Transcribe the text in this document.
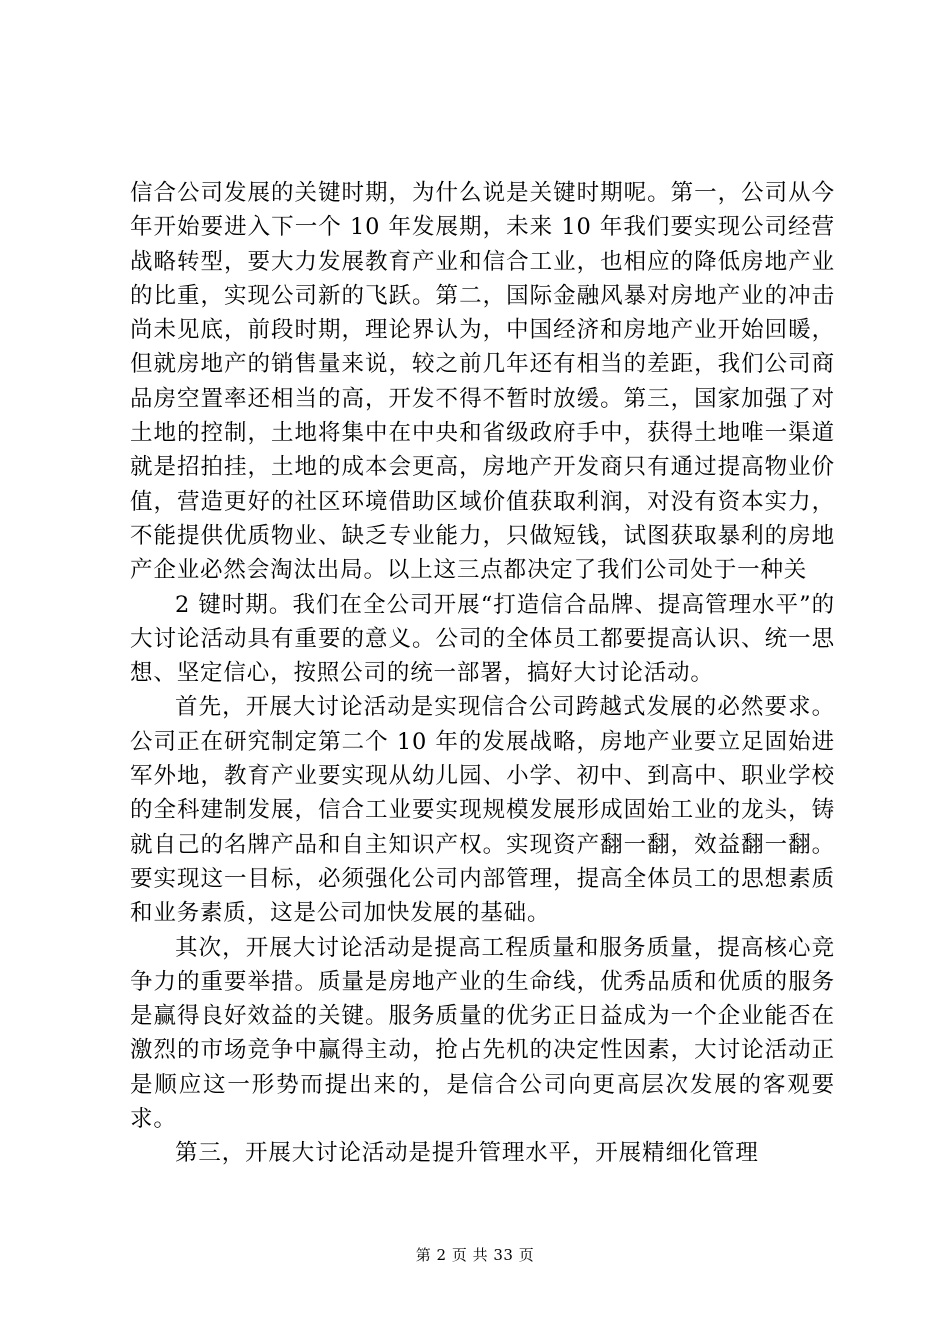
信合公司发展的关键时期，为什么说是关键时期呢。第一，公司从今年开始要进入下一个 10 年发展期，未来 10 年我们要实现公司经营战略转型，要大力发展教育产业和信合工业，也相应的降低房地产业的比重，实现公司新的飞跃。第二，国际金融风暴对房地产业的冲击尚未见底，前段时期，理论界认为，中国经济和房地产业开始回暖，但就房地产的销售量来说，较之前几年还有相当的差距，我们公司商品房空置率还相当的高，开发不得不暂时放缓。第三，国家加强了对土地的控制，土地将集中在中央和省级政府手中，获得土地唯一渠道就是招拍挂，土地的成本会更高，房地产开发商只有通过提高物业价值，营造更好的社区环境借助区域价值获取利润，对没有资本实力，不能提供优质物业、缺乏专业能力，只做短钱，试图获取暴利的房地产企业必然会淘汰出局。以上这三点都决定了我们公司处于一种关

2 键时期。我们在全公司开展“打造信合品牌、提高管理水平”的大讨论活动具有重要的意义。公司的全体员工都要提高认识、统一思想、坚定信心，按照公司的统一部署，搞好大讨论活动。

首先，开展大讨论活动是实现信合公司跨越式发展的必然要求。公司正在研究制定第二个 10 年的发展战略，房地产业要立足固始进军外地，教育产业要实现从幼儿园、小学、初中、到高中、职业学校的全科建制发展，信合工业要实现规模发展形成固始工业的龙头，铸就自己的名牌产品和自主知识产权。实现资产翻一翻，效益翻一翻。要实现这一目标，必须强化公司内部管理，提高全体员工的思想素质和业务素质，这是公司加快发展的基础。

其次，开展大讨论活动是提高工程质量和服务质量，提高核心竞争力的重要举措。质量是房地产业的生命线，优秀品质和优质的服务是赢得良好效益的关键。服务质量的优劣正日益成为一个企业能否在激烈的市场竞争中赢得主动，抢占先机的决定性因素，大讨论活动正是顺应这一形势而提出来的，是信合公司向更高层次发展的客观要求。

第三，开展大讨论活动是提升管理水平，开展精细化管理

第 2 页 共 33 页
